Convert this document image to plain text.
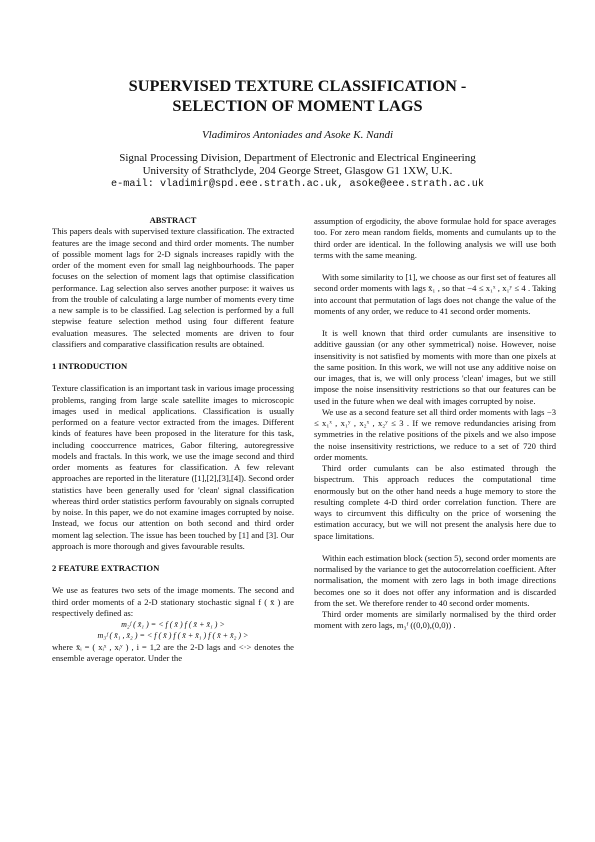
SUPERVISED TEXTURE CLASSIFICATION -
SELECTION OF MOMENT LAGS
Vladimiros Antoniades and Asoke K. Nandi
Signal Processing Division, Department of Electronic and Electrical Engineering
University of Strathclyde, 204 George Street, Glasgow G1 1XW, U.K.
e-mail: vladimir@spd.eee.strath.ac.uk, asoke@eee.strath.ac.uk

ABSTRACT

This papers deals with supervised texture classification. The extracted features are the image second and third order moments. The number of possible moment lags for 2-D signals increases rapidly with the order of the moment even for small lag neighbourhoods. The paper focuses on the selection of moment lags that optimise classification performance. Lag selection also serves another purpose: it waives us from the trouble of calculating a large number of moments every time a new sample is to be classified. Lag selection is performed by a full stepwise feature selection method using four different feature evaluation measures. The selected moments are driven to four classifiers and comparative classification results are obtained.

1 INTRODUCTION

Texture classification is an important task in various image processing problems, ranging from large scale satellite images to microscopic images used in medical applications. Classification is usually performed on a feature vector extracted from the images. Different kinds of features have been proposed in the literature for this task, including cooccurrence matrices, Gabor filtering, autoregressive models and fractals. In this work, we use the image second and third order moments as features for classification. A few relevant approaches are reported in the literature ([1],[2],[3],[4]). Second order statistics have been generally used for 'clean' signal classification whereas third order statistics perform favourably on signals corrupted by noise. In this paper, we do not examine images corrupted by noise. Instead, we focus our attention on both second and third order moment lag selection. The issue has been touched by [1] and [3]. Our approach is more thorough and gives favourable results.

2 FEATURE EXTRACTION

We use as features two sets of the image moments. The second and third order moments of a 2-D stationary stochastic signal f ( x̄ ) are respectively defined as:

m₂ᶠ ( x̄₁ ) = < f ( x̄ ) f ( x̄ + x̄₁ ) >

m₃ᶠ ( x̄₁ , x̄₂ ) = < f ( x̄ ) f ( x̄ + x̄₁ ) f ( x̄ + x̄₂ ) >

where x̄ᵢ = ( xᵢˣ , xᵢʸ ) , i = 1,2 are the 2-D lags and <·> denotes the ensemble average operator. Under the

assumption of ergodicity, the above formulae hold for space averages too. For zero mean random fields, moments and cumulants up to the third order are identical. In the following analysis we will use both terms with the same meaning.

With some similarity to [1], we choose as our first set of features all second order moments with lags x̄₁ , so that −4 ≤ x₁ˣ , x₁ʸ ≤ 4 . Taking into account that permutation of lags does not change the value of the moments of any order, we reduce to 41 second order moments.

It is well known that third order cumulants are insensitive to additive gaussian (or any other symmetrical) noise. However, noise insensitivity is not satisfied by moments with more than one pixels at the same position. In this work, we will not use any additive noise on our images, that is, we will only process 'clean' images, but we still impose the noise insensitivity restrictions so that our features can be used in the future when we deal with images corrupted by noise.

We use as a second feature set all third order moments with lags −3 ≤ x₁ˣ , x₁ʸ , x₂ˣ , x₂ʸ ≤ 3 . If we remove redundancies arising from symmetries in the relative positions of the pixels and we also impose the noise insensitivity restrictions, we reduce to a set of 720 third order moments.

Third order cumulants can be also estimated through the bispectrum. This approach reduces the computational time enormously but on the other hand needs a huge memory to store the resulting complete 4-D third order correlation function. There are ways to circumvent this difficulty on the price of worsening the estimation accuracy, but we will not present the analysis here due to space limitations.

Within each estimation block (section 5), second order moments are normalised by the variance to get the autocorrelation coefficient. After normalisation, the moment with zero lags in both image directions becomes one so it does not offer any information and is discarded from the set. We therefore render to 40 second order moments.

Third order moments are similarly normalised by the third order moment with zero lags, m₃ᶠ ((0,0),(0,0)) .
